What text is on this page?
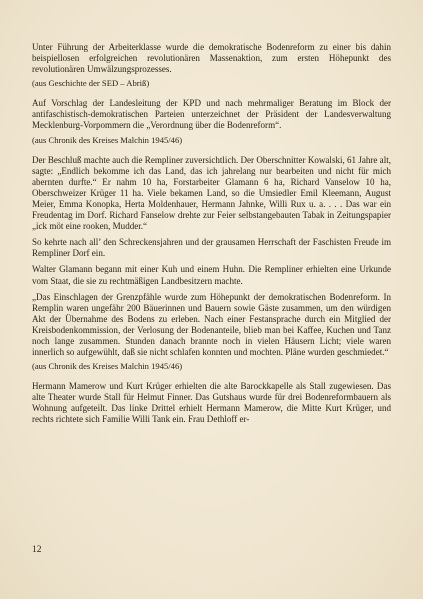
Unter Führung der Arbeiterklasse wurde die demokratische Bodenreform zu einer bis dahin beispiellosen erfolgreichen revolutionären Massenaktion, zum ersten Höhepunkt des revolutionären Umwälzungsprozesses.

(aus Geschichte der SED – Abriß)

Auf Vorschlag der Landesleitung der KPD und nach mehrmaliger Beratung im Block der antifaschistisch-demokratischen Parteien unterzeichnet der Präsident der Landesverwaltung Mecklenburg-Vorpommern die „Verordnung über die Bodenreform“.

(aus Chronik des Kreises Malchin 1945/46)

Der Beschluß machte auch die Rempliner zuversichtlich. Der Oberschnitter Kowalski, 61 Jahre alt, sagte: „Endlich bekomme ich das Land, das ich jahrelang nur bearbeiten und nicht für mich abernten durfte.“ Er nahm 10 ha, Forstarbeiter Glamann 6 ha, Richard Vanselow 10 ha, Oberschweizer Krüger 11 ha. Viele bekamen Land, so die Umsiedler Emil Kleemann, August Meier, Emma Konopka, Herta Moldenhauer, Hermann Jahnke, Willi Rux u. a. . . . Das war ein Freudentag im Dorf. Richard Fanselow drehte zur Feier selbstangebauten Tabak in Zeitungspapier „ick möt eine rooken, Mudder.“

So kehrte nach all’ den Schreckensjahren und der grausamen Herrschaft der Faschisten Freude im Rempliner Dorf ein.

Walter Glamann begann mit einer Kuh und einem Huhn. Die Rempliner erhielten eine Urkunde vom Staat, die sie zu rechtmäßigen Landbesitzern machte.

„Das Einschlagen der Grenzpfähle wurde zum Höhepunkt der demokratischen Bodenreform. In Remplin waren ungefähr 200 Bäuerinnen und Bauern sowie Gäste zusammen, um den würdigen Akt der Übernahme des Bodens zu erleben. Nach einer Festansprache durch ein Mitglied der Kreisbodenkommission, der Verlosung der Bodenanteile, blieb man bei Kaffee, Kuchen und Tanz noch lange zusammen. Stunden danach brannte noch in vielen Häusern Licht; viele waren innerlich so aufgewühlt, daß sie nicht schlafen konnten und mochten. Pläne wurden geschmiedet.“

(aus Chronik des Kreises Malchin 1945/46)

Hermann Mamerow und Kurt Krüger erhielten die alte Barockkapelle als Stall zugewiesen. Das alte Theater wurde Stall für Helmut Finner. Das Gutshaus wurde für drei Bodenreformbauern als Wohnung aufgeteilt. Das linke Drittel erhielt Hermann Mamerow, die Mitte Kurt Krüger, und rechts richtete sich Familie Willi Tank ein. Frau Dethloff er-

12
